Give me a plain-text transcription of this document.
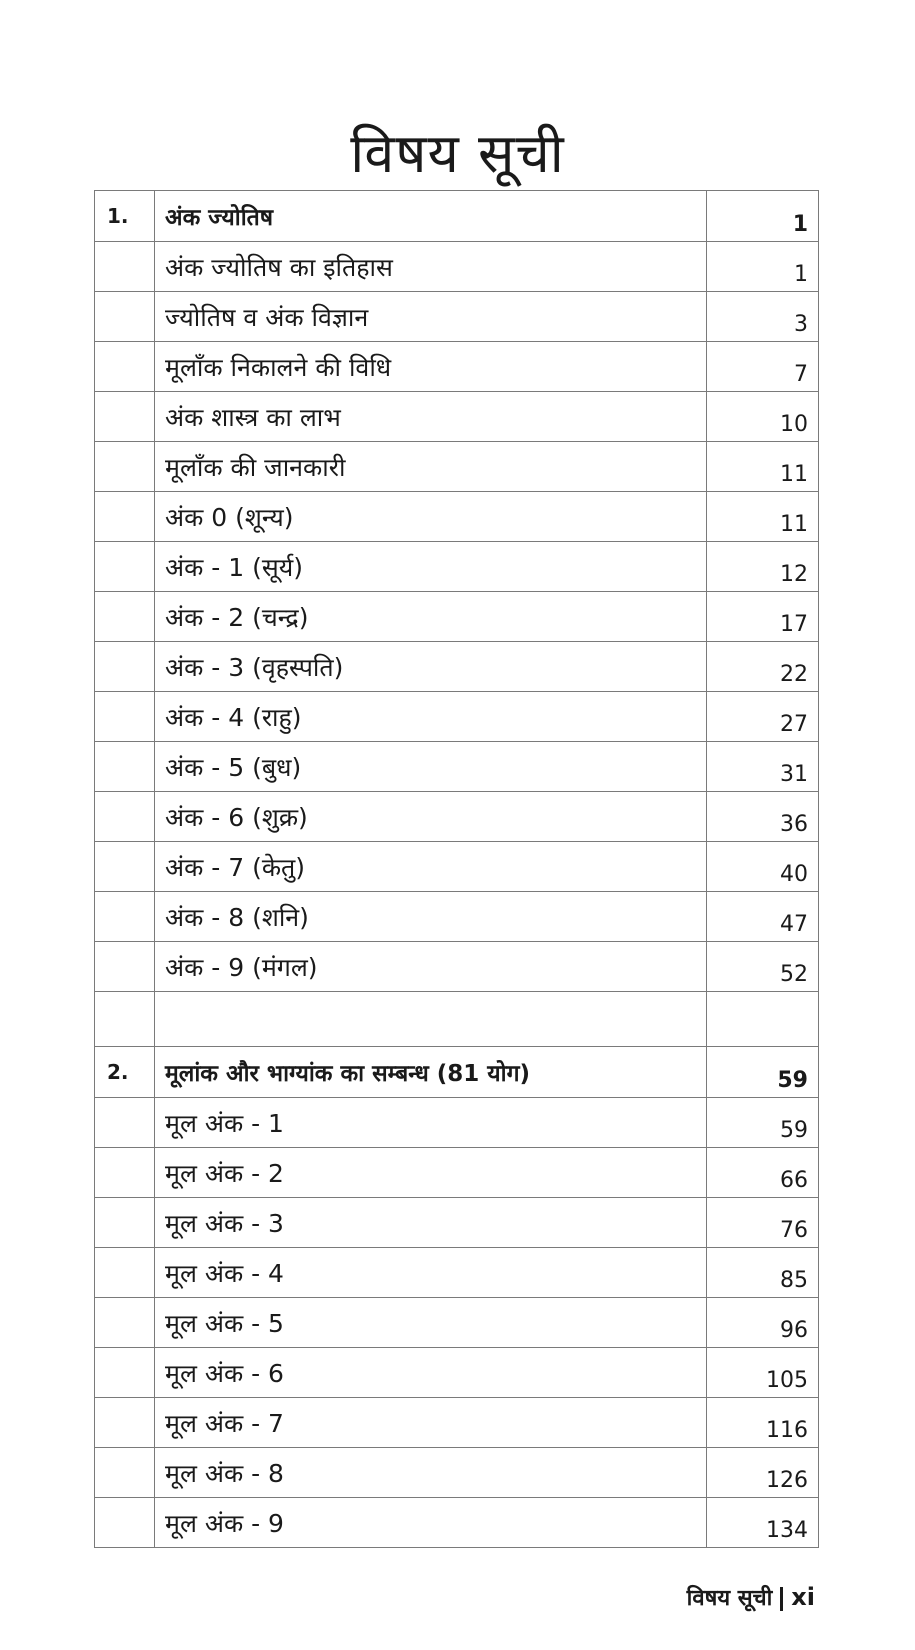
विषय सूची
1.	अंक ज्योतिष	1
	अंक ज्योतिष का इतिहास	1
	ज्योतिष व अंक विज्ञान	3
	मूलाँक निकालने की विधि	7
	अंक शास्त्र का लाभ	10
	मूलाँक की जानकारी	11
	अंक 0 (शून्य)	11
	अंक - 1 (सूर्य)	12
	अंक - 2 (चन्द्र)	17
	अंक - 3 (वृहस्पति)	22
	अंक - 4 (राहु)	27
	अंक - 5 (बुध)	31
	अंक - 6 (शुक्र)	36
	अंक - 7 (केतु)	40
	अंक - 8 (शनि)	47
	अंक - 9 (मंगल)	52

2.	मूलांक और भाग्यांक का सम्बन्ध (81 योग)	59
	मूल अंक - 1	59
	मूल अंक - 2	66
	मूल अंक - 3	76
	मूल अंक - 4	85
	मूल अंक - 5	96
	मूल अंक - 6	105
	मूल अंक - 7	116
	मूल अंक - 8	126
	मूल अंक - 9	134
विषय सूची xi
